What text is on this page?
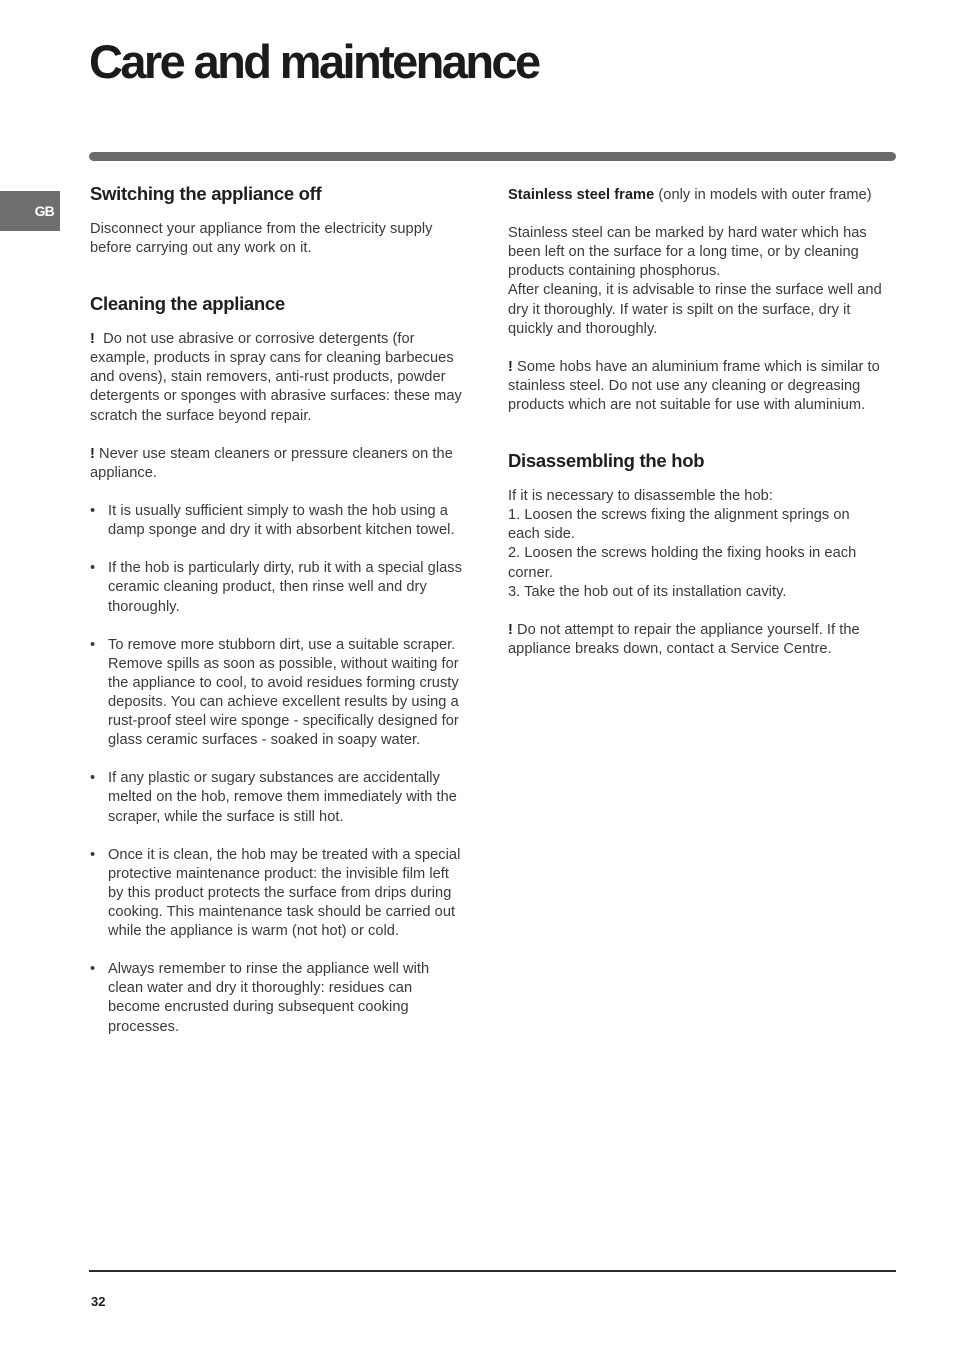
Care and maintenance
GB
Switching the appliance off

Disconnect your appliance from the electricity supply before carrying out any work on it.

Cleaning the appliance

! Do not use abrasive or corrosive detergents (for example, products in spray cans for cleaning barbecues and ovens), stain removers, anti-rust products, powder detergents or sponges with abrasive surfaces: these may scratch the surface beyond repair.

! Never use steam cleaners or pressure cleaners on the appliance.

• It is usually sufficient simply to wash the hob using a damp sponge and dry it with absorbent kitchen towel.
• If the hob is particularly dirty, rub it with a special glass ceramic cleaning product, then rinse well and dry thoroughly.
• To remove more stubborn dirt, use a suitable scraper. Remove spills as soon as possible, without waiting for the appliance to cool, to avoid residues forming crusty deposits. You can achieve excellent results by using a rust-proof steel wire sponge - specifically designed for glass ceramic surfaces - soaked in soapy water.
• If any plastic or sugary substances are accidentally melted on the hob, remove them immediately with the scraper, while the surface is still hot.
• Once it is clean, the hob may be treated with a special protective maintenance product: the invisible film left by this product protects the surface from drips during cooking. This maintenance task should be carried out while the appliance is warm (not hot) or cold.
• Always remember to rinse the appliance well with clean water and dry it thoroughly: residues can become encrusted during subsequent cooking processes.

Stainless steel frame (only in models with outer frame)

Stainless steel can be marked by hard water which has been left on the surface for a long time, or by cleaning products containing phosphorus.

After cleaning, it is advisable to rinse the surface well and dry it thoroughly. If water is spilt on the surface, dry it quickly and thoroughly.

! Some hobs have an aluminium frame which is similar to stainless steel. Do not use any cleaning or degreasing products which are not suitable for use with aluminium.

Disassembling the hob

If it is necessary to disassemble the hob:

1. Loosen the screws fixing the alignment springs on each side.

2. Loosen the screws holding the fixing hooks in each corner.

3. Take the hob out of its installation cavity.

! Do not attempt to repair the appliance yourself. If the appliance breaks down, contact a Service Centre.

32
